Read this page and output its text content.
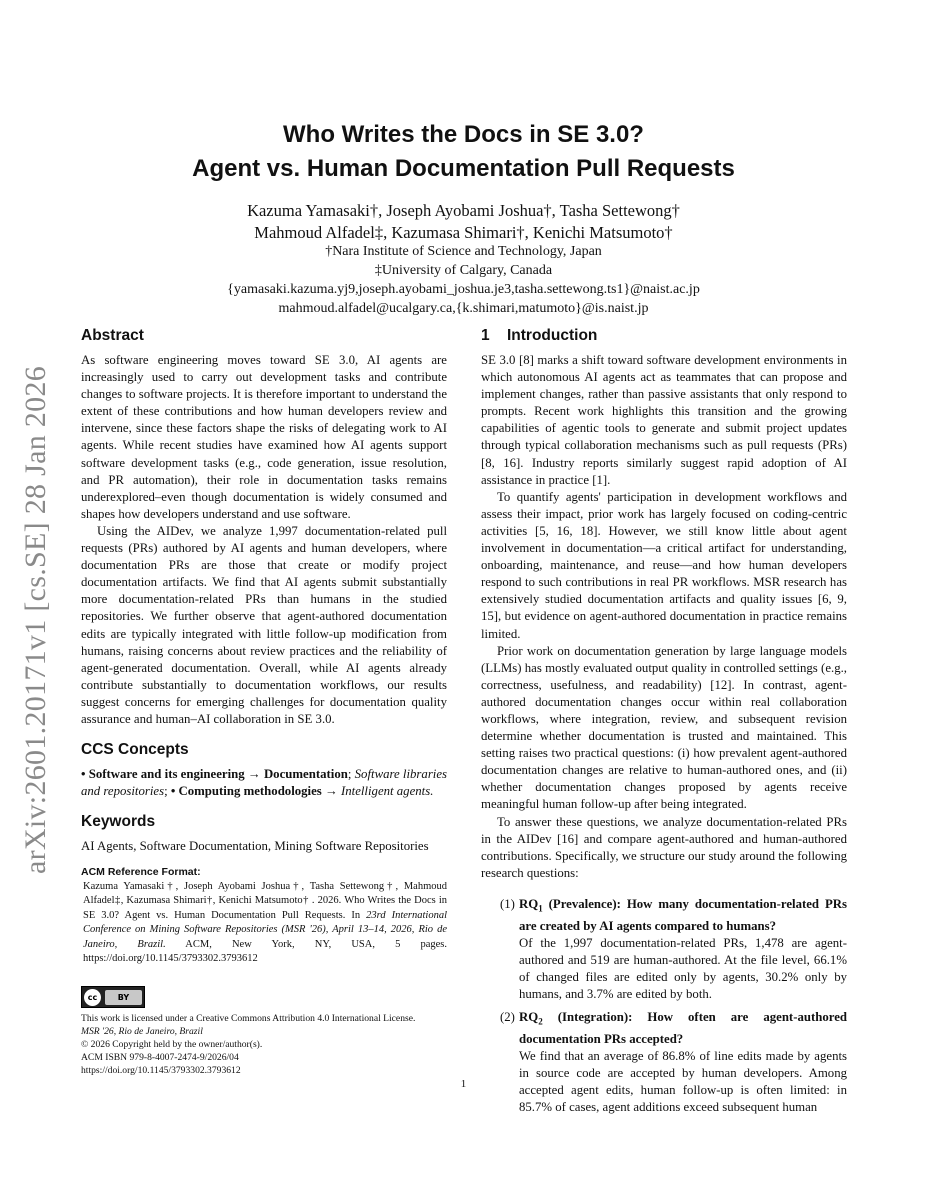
arXiv:2601.20171v1 [cs.SE] 28 Jan 2026
Who Writes the Docs in SE 3.0?
Agent vs. Human Documentation Pull Requests
Kazuma Yamasaki†, Joseph Ayobami Joshua†, Tasha Settewong†
Mahmoud Alfadel‡, Kazumasa Shimari†, Kenichi Matsumoto†
†Nara Institute of Science and Technology, Japan
‡University of Calgary, Canada
{yamasaki.kazuma.yj9,joseph.ayobami_joshua.je3,tasha.settewong.ts1}@naist.ac.jp
mahmoud.alfadel@ucalgary.ca,{k.shimari,matumoto}@is.naist.jp
Abstract

As software engineering moves toward SE 3.0, AI agents are increasingly used to carry out development tasks and contribute changes to software projects. It is therefore important to understand the extent of these contributions and how human developers review and intervene, since these factors shape the risks of delegating work to AI agents. While recent studies have examined how AI agents support software development tasks (e.g., code generation, issue resolution, and PR automation), their role in documentation tasks remains underexplored–even though documentation is widely consumed and shapes how developers understand and use software.

Using the AIDev, we analyze 1,997 documentation-related pull requests (PRs) authored by AI agents and human developers, where documentation PRs are those that create or modify project documentation artifacts. We find that AI agents submit substantially more documentation-related PRs than humans in the studied repositories. We further observe that agent-authored documentation edits are typically integrated with little follow-up modification from humans, raising concerns about review practices and the reliability of agent-generated documentation. Overall, while AI agents already contribute substantially to documentation workflows, our results suggest concerns for emerging challenges for documentation quality assurance and human–AI collaboration in SE 3.0.

CCS Concepts

• Software and its engineering → Documentation; Software libraries and repositories; • Computing methodologies → Intelligent agents.

Keywords

AI Agents, Software Documentation, Mining Software Repositories

ACM Reference Format:
Kazuma Yamasaki†, Joseph Ayobami Joshua†, Tasha Settewong†, Mahmoud Alfadel‡, Kazumasa Shimari†, Kenichi Matsumoto† . 2026. Who Writes the Docs in SE 3.0? Agent vs. Human Documentation Pull Requests. In 23rd International Conference on Mining Software Repositories (MSR '26), April 13–14, 2026, Rio de Janeiro, Brazil. ACM, New York, NY, USA, 5 pages. https://doi.org/10.1145/3793302.3793612
cc	BY
This work is licensed under a Creative Commons Attribution 4.0 International License.
MSR '26, Rio de Janeiro, Brazil
© 2026 Copyright held by the owner/author(s).
ACM ISBN 979-8-4007-2474-9/2026/04
https://doi.org/10.1145/3793302.3793612
1 Introduction

SE 3.0 [8] marks a shift toward software development environments in which autonomous AI agents act as teammates that can propose and implement changes, rather than passive assistants that only respond to prompts. Recent work highlights this transition and the growing capabilities of agentic tools to generate and submit project updates through typical collaboration mechanisms such as pull requests (PRs) [8, 16]. Industry reports similarly suggest rapid adoption of AI assistance in practice [1].

To quantify agents' participation in development workflows and assess their impact, prior work has largely focused on coding-centric activities [5, 16, 18]. However, we still know little about agent involvement in documentation—a critical artifact for understanding, onboarding, maintenance, and reuse—and how human developers respond to such contributions in real PR workflows. MSR research has extensively studied documentation artifacts and quality issues [6, 9, 15], but evidence on agent-authored documentation in practice remains limited.

Prior work on documentation generation by large language models (LLMs) has mostly evaluated output quality in controlled settings (e.g., correctness, usefulness, and readability) [12]. In contrast, agent-authored documentation changes occur within real collaboration workflows, where integration, review, and subsequent revision determine whether documentation is trusted and maintained. This setting raises two practical questions: (i) how prevalent agent-authored documentation changes are relative to human-authored ones, and (ii) whether documentation changes proposed by agents receive meaningful human follow-up after being integrated.

To answer these questions, we analyze documentation-related PRs in the AIDev [16] and compare agent-authored and human-authored contributions. Specifically, we structure our study around the following research questions:

(1) $RQ_1$ (Prevalence): How many documentation-related PRs are created by AI agents compared to humans?
Of the 1,997 documentation-related PRs, 1,478 are agent-authored and 519 are human-authored. At the file level, 66.1% of changed files are edited only by agents, 30.2% only by humans, and 3.7% are edited by both.
(2) $RQ_2$ (Integration): How often are agent-authored documentation PRs accepted?
We find that an average of 86.8% of line edits made by agents in source code are accepted by human developers. Among accepted agent edits, human follow-up is often limited: in 85.7% of cases, agent additions exceed subsequent human
1
